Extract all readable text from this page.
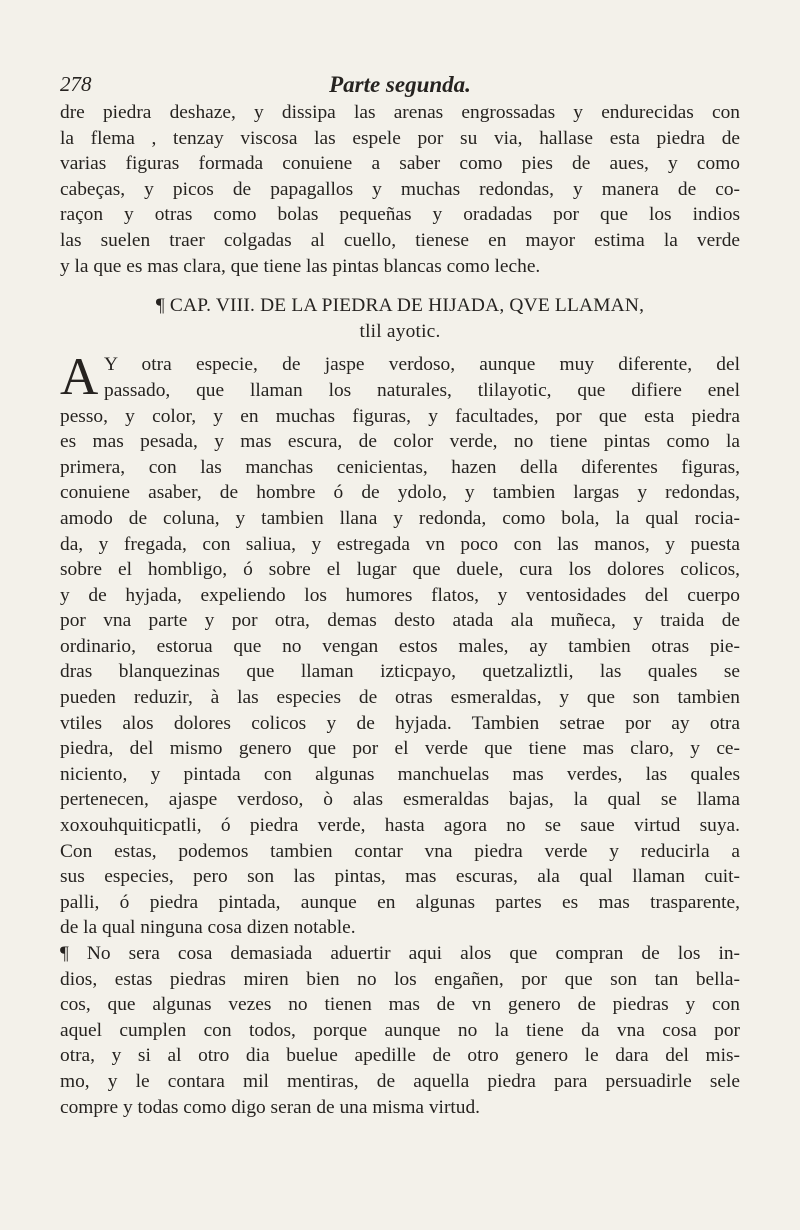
278	Parte segunda.
dre piedra deshaze, y dissipa las arenas engrossadas y endurecidas con
la flema , tenzay viscosa las espele por su via, hallase esta piedra de
varias figuras formada conuiene a saber como pies de aues, y como
cabeças, y picos de papagallos y muchas redondas, y manera de co-
raçon y otras como bolas pequeñas y oradadas por que los indios
las suelen traer colgadas al cuello, tienese en mayor estima la verde
y la que es mas clara, que tiene las pintas blancas como leche.
¶ CAP. VIII. DE LA PIEDRA DE HIJADA, QVE LLAMAN,
tlil ayotic.
A Y otra especie, de jaspe verdoso, aunque muy diferente, del
passado, que llaman los naturales, tlilayotic, que difiere enel
pesso, y color, y en muchas figuras, y facultades, por que esta piedra
es mas pesada, y mas escura, de color verde, no tiene pintas como la
primera, con las manchas cenicientas, hazen della diferentes figuras,
conuiene asaber, de hombre ó de ydolo, y tambien largas y redondas,
amodo de coluna, y tambien llana y redonda, como bola, la qual rocia-
da, y fregada, con saliua, y estregada vn poco con las manos, y puesta
sobre el hombligo, ó sobre el lugar que duele, cura los dolores colicos,
y de hyjada, expeliendo los humores flatos, y ventosidades del cuerpo
por vna parte y por otra, demas desto atada ala muñeca, y traida de
ordinario, estorua que no vengan estos males, ay tambien otras pie-
dras blanquezinas que llaman izticpayo, quetzaliztli, las quales se
pueden reduzir, à las especies de otras esmeraldas, y que son tambien
vtiles alos dolores colicos y de hyjada. Tambien setrae por ay otra
piedra, del mismo genero que por el verde que tiene mas claro, y ce-
niciento, y pintada con algunas manchuelas mas verdes, las quales
pertenecen, ajaspe verdoso, ò alas esmeraldas bajas, la qual se llama
xoxouhquiticpatli, ó piedra verde, hasta agora no se saue virtud suya.
Con estas, podemos tambien contar vna piedra verde y reducirla a
sus especies, pero son las pintas, mas escuras, ala qual llaman cuit-
palli, ó piedra pintada, aunque en algunas partes es mas trasparente,
de la qual ninguna cosa dizen notable.
¶ No sera cosa demasiada aduertir aqui alos que compran de los in-
dios, estas piedras miren bien no los engañen, por que son tan bella-
cos, que algunas vezes no tienen mas de vn genero de piedras y con
aquel cumplen con todos, porque aunque no la tiene da vna cosa por
otra, y si al otro dia buelue apedille de otro genero le dara del mis-
mo, y le contara mil mentiras, de aquella piedra para persuadirle sele
compre y todas como digo seran de una misma virtud.
